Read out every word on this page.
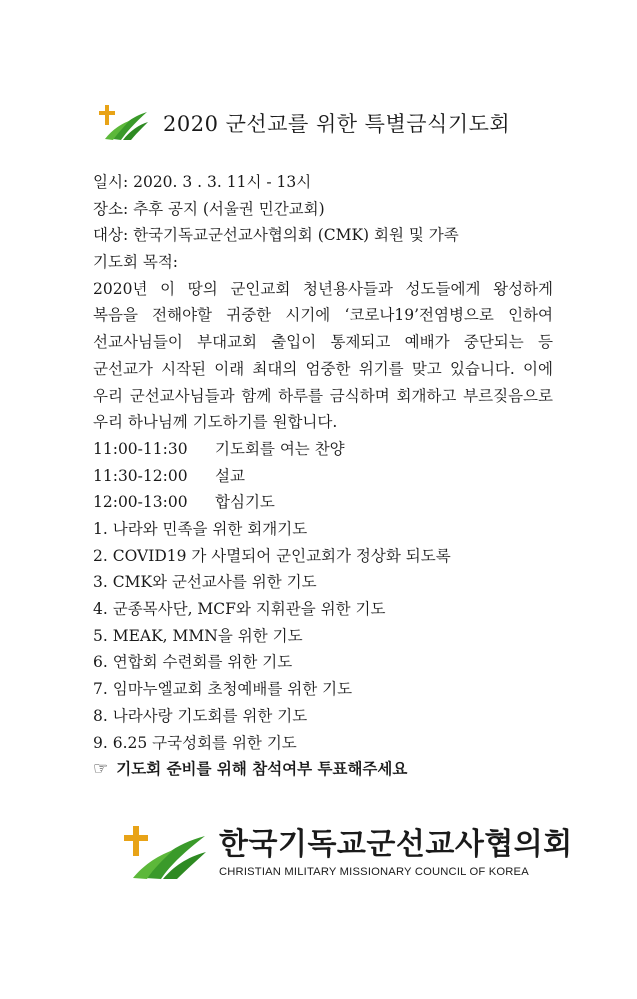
2020 군선교를 위한 특별금식기도회
일시: 2020. 3 . 3. 11시 - 13시
장소: 추후 공지 (서울권 민간교회)
대상: 한국기독교군선교사협의회 (CMK) 회원 및 가족
기도회 목적:
2020년 이 땅의 군인교회 청년용사들과 성도들에게 왕성하게 복음을 전해야할 귀중한 시기에 ‘코로나19’전염병으로 인하여 선교사님들이 부대교회 출입이 통제되고 예배가 중단되는 등 군선교가 시작된 이래 최대의 엄중한 위기를 맞고 있습니다. 이에 우리 군선교사님들과 함께 하루를 금식하며 회개하고 부르짖음으로 우리 하나님께 기도하기를 원합니다.
11:00-11:30	기도회를 여는 찬양
11:30-12:00	설교
12:00-13:00	합심기도
1. 나라와 민족을 위한 회개기도
2. COVID19 가 사멸되어 군인교회가 정상화 되도록
3. CMK와 군선교사를 위한 기도
4. 군종목사단, MCF와 지휘관을 위한 기도
5. MEAK, MMN을 위한 기도
6. 연합회 수련회를 위한 기도
7. 임마누엘교회 초청예배를 위한 기도
8. 나라사랑 기도회를 위한 기도
9. 6.25 구국성회를 위한 기도
☞ 기도회 준비를 위해 참석여부 투표해주세요
한국기독교군선교사협의회
CHRISTIAN MILITARY MISSIONARY COUNCIL OF KOREA
